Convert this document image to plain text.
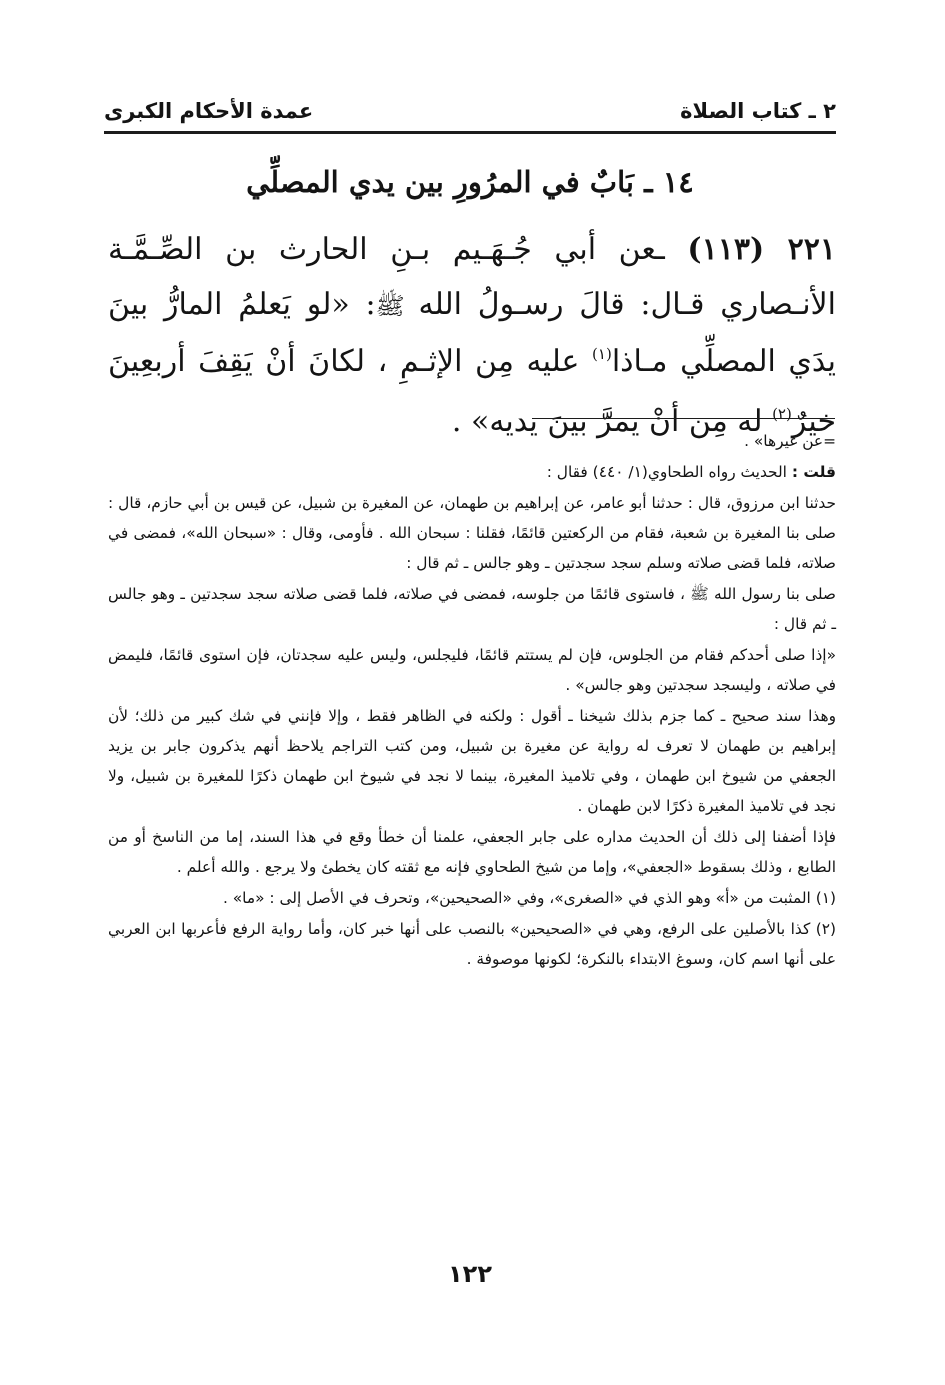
٢ ـ كتاب الصلاة
عمدة الأحكام الكبرى
١٤ ـ بَابٌ في المرُورِ بين يدي المصلِّي
٢٢١ (١١٣) ـعن أبي جُـهَـيم بـنِ الحارث بن الصِّـمَّـة الأنـصاري قـال: قالَ رسـولُ الله ﷺ: «لو يَعلمُ المارُّ بينَ يدَي المصلِّي مـاذا$^{(١)}$ عليه مِن الإثـمِ ، لكانَ أنْ يَقِفَ أربعِينَ خيرٌ$^{(٢)}$ له مِن أنْ يمرَّ بينَ يديه» .

=عن غيرها» .

قلت : الحديث رواه الطحاوي(١/ ٤٤٠) فقال :

حدثنا ابن مرزوق، قال : حدثنا أبو عامر، عن إبراهيم بن طهمان، عن المغيرة بن شبيل، عن قيس بن أبي حازم، قال : صلى بنا المغيرة بن شعبة، فقام من الركعتين قائمًا، فقلنا : سبحان الله . فأومى، وقال : «سبحان الله»، فمضى في صلاته، فلما قضى صلاته وسلم سجد سجدتين ـ وهو جالس ـ ثم قال :

صلى بنا رسول الله ﷺ ، فاستوى قائمًا من جلوسه، فمضى في صلاته، فلما قضى صلاته سجد سجدتين ـ وهو جالس ـ ثم قال :

«إذا صلى أحدكم فقام من الجلوس، فإن لم يستتم قائمًا، فليجلس، وليس عليه سجدتان، فإن استوى قائمًا، فليمض في صلاته ، وليسجد سجدتين وهو جالس» .

وهذا سند صحيح ـ كما جزم بذلك شيخنا ـ أقول : ولكنه في الظاهر فقط ، وإلا فإنني في شك كبير من ذلك؛ لأن إبراهيم بن طهمان لا تعرف له رواية عن مغيرة بن شبيل، ومن كتب التراجم يلاحظ أنهم يذكرون جابر بن يزيد الجعفي من شيوخ ابن طهمان ، وفي تلاميذ المغيرة، بينما لا نجد في شيوخ ابن طهمان ذكرًا للمغيرة بن شبيل، ولا نجد في تلاميذ المغيرة ذكرًا لابن طهمان .

فإذا أضفنا إلى ذلك أن الحديث مداره على جابر الجعفي، علمنا أن خطأ وقع في هذا السند، إما من الناسخ أو من الطابع ، وذلك بسقوط «الجعفي»، وإما من شيخ الطحاوي فإنه مع ثقته كان يخطئ ولا يرجع . والله أعلم .

(١) المثبت من «أ» وهو الذي في «الصغرى»، وفي «الصحيحين»، وتحرف في الأصل إلى : «ما» .

(٢) كذا بالأصلين على الرفع، وهي في «الصحيحين» بالنصب على أنها خبر كان، وأما رواية الرفع فأعربها ابن العربي على أنها اسم كان، وسوغ الابتداء بالنكرة؛ لكونها موصوفة .

١٢٢
